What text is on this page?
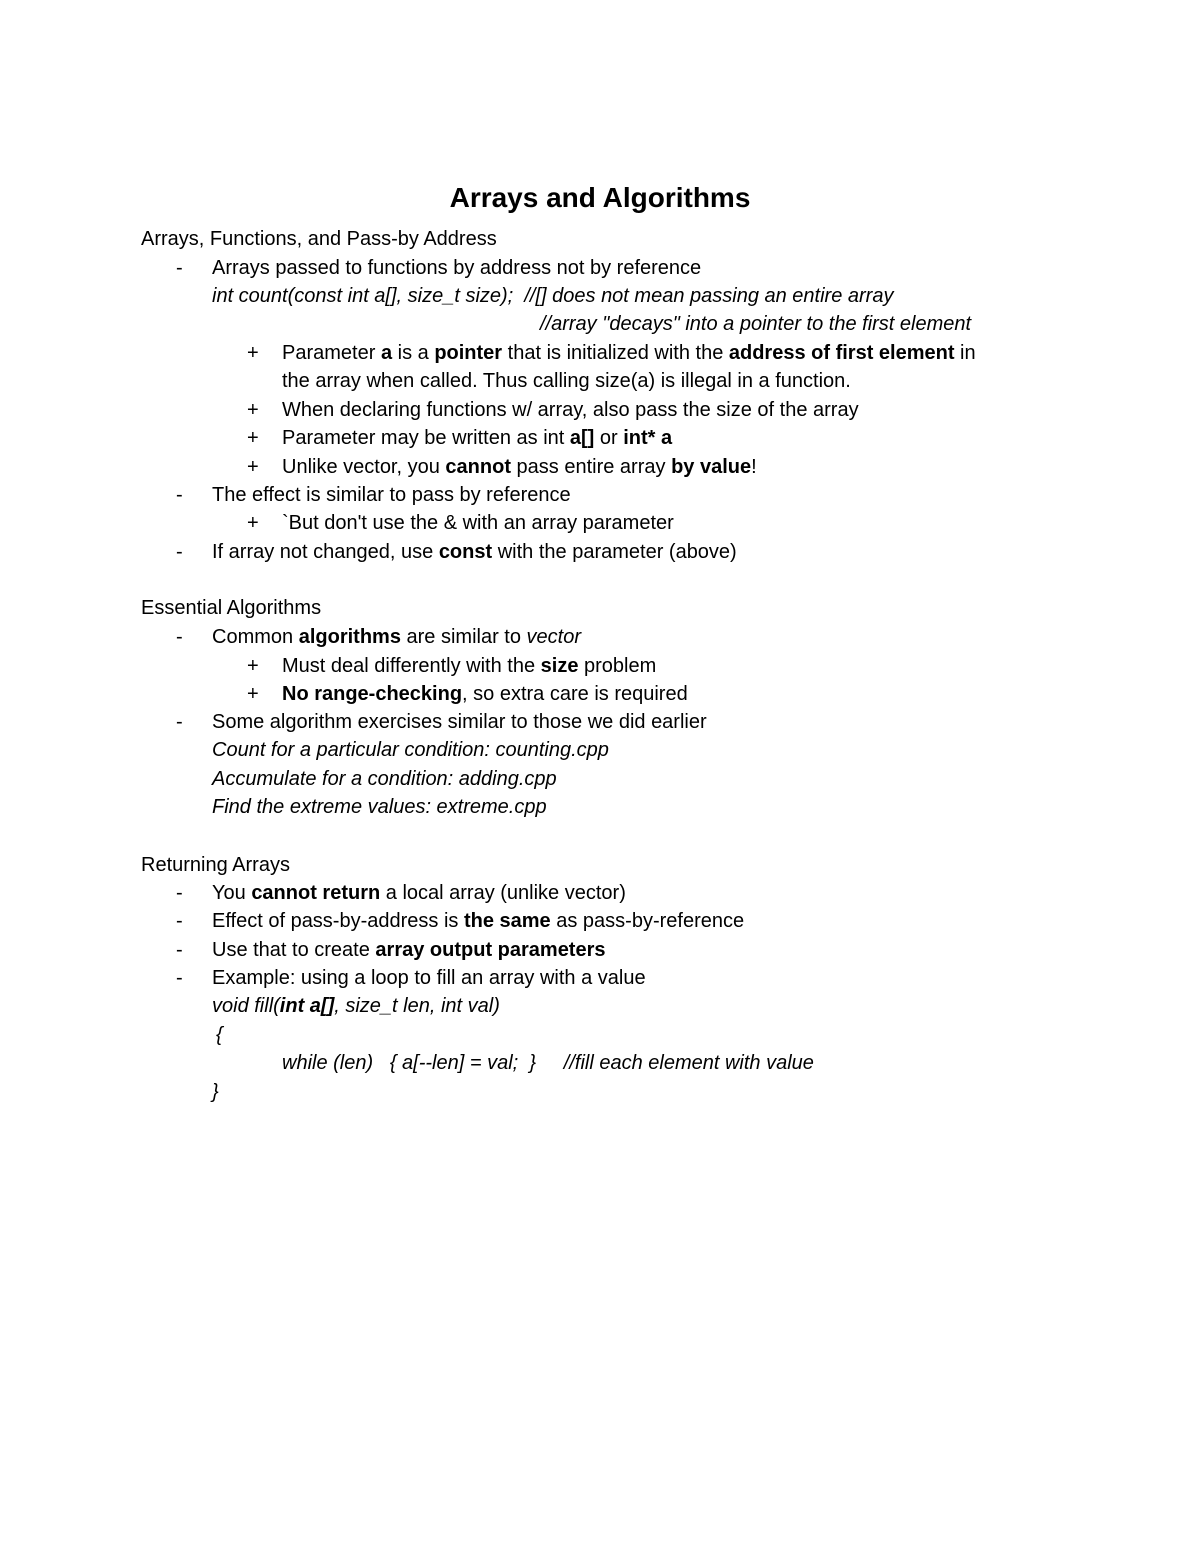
Arrays and Algorithms
Arrays, Functions, and Pass-by Address
- Arrays passed to functions by address not by reference
int count(const int a[], size_t size);  //[] does not mean passing an entire array
//array "decays" into a pointer to the first element
+ Parameter a is a pointer that is initialized with the address of first element in
the array when called. Thus calling size(a) is illegal in a function.
+ When declaring functions w/ array, also pass the size of the array
+ Parameter may be written as int a[] or int* a
+ Unlike vector, you cannot pass entire array by value!
- The effect is similar to pass by reference
+ `But don't use the & with an array parameter
- If array not changed, use const with the parameter (above)
Essential Algorithms
- Common algorithms are similar to vector
+ Must deal differently with the size problem
+ No range-checking, so extra care is required
- Some algorithm exercises similar to those we did earlier
Count for a particular condition: counting.cpp
Accumulate for a condition: adding.cpp
Find the extreme values: extreme.cpp
Returning Arrays
- You cannot return a local array (unlike vector)
- Effect of pass-by-address is the same as pass-by-reference
- Use that to create array output parameters
- Example: using a loop to fill an array with a value
void fill(int a[], size_t len, int val)
{
while (len)   { a[--len] = val;  }     //fill each element with value
}
